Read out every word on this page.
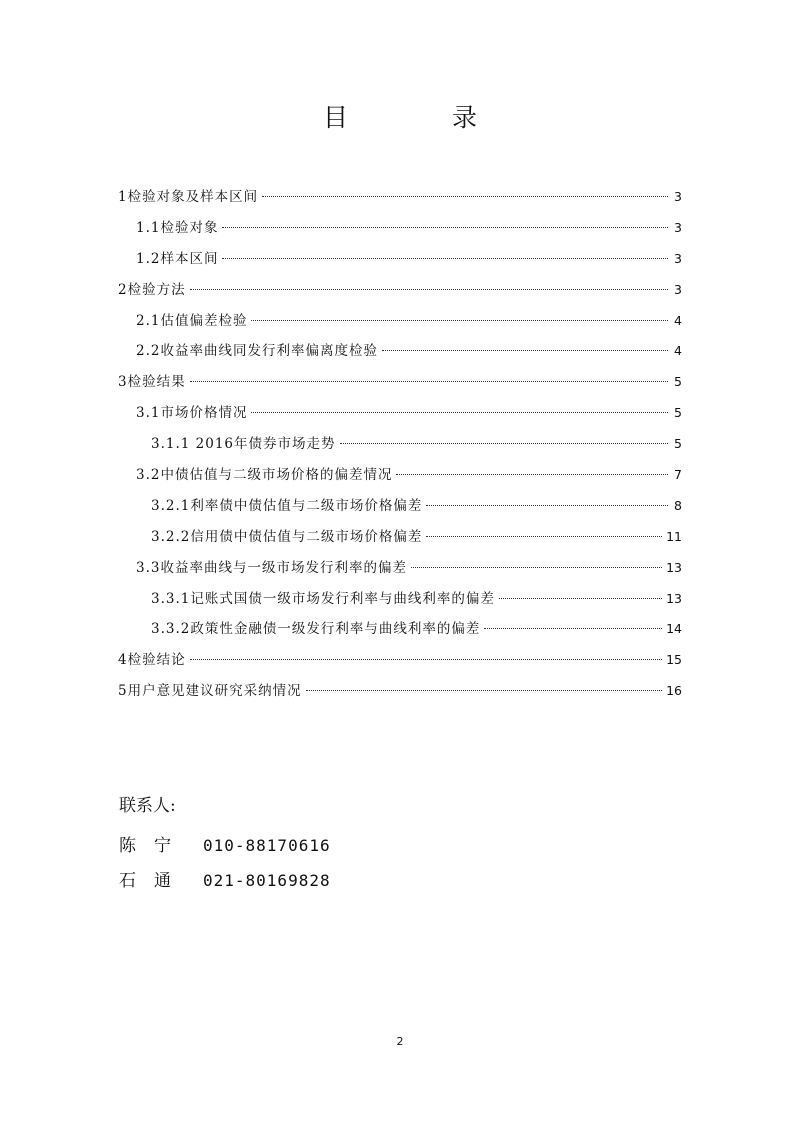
目 录
1检验对象及样本区间	3
1.1检验对象	3
1.2样本区间	3
2检验方法	3
2.1估值偏差检验	4
2.2收益率曲线同发行利率偏离度检验	4
3检验结果	5
3.1市场价格情况	5
3.1.1 2016年债券市场走势	5
3.2中债估值与二级市场价格的偏差情况	7
3.2.1利率债中债估值与二级市场价格偏差	8
3.2.2信用债中债估值与二级市场价格偏差	11
3.3收益率曲线与一级市场发行利率的偏差	13
3.3.1记账式国债一级市场发行利率与曲线利率的偏差	13
3.3.2政策性金融债一级发行利率与曲线利率的偏差	14
4检验结论	15
5用户意见建议研究采纳情况	16
联系人:
陈宁 010-88170616
石通 021-80169828
2
